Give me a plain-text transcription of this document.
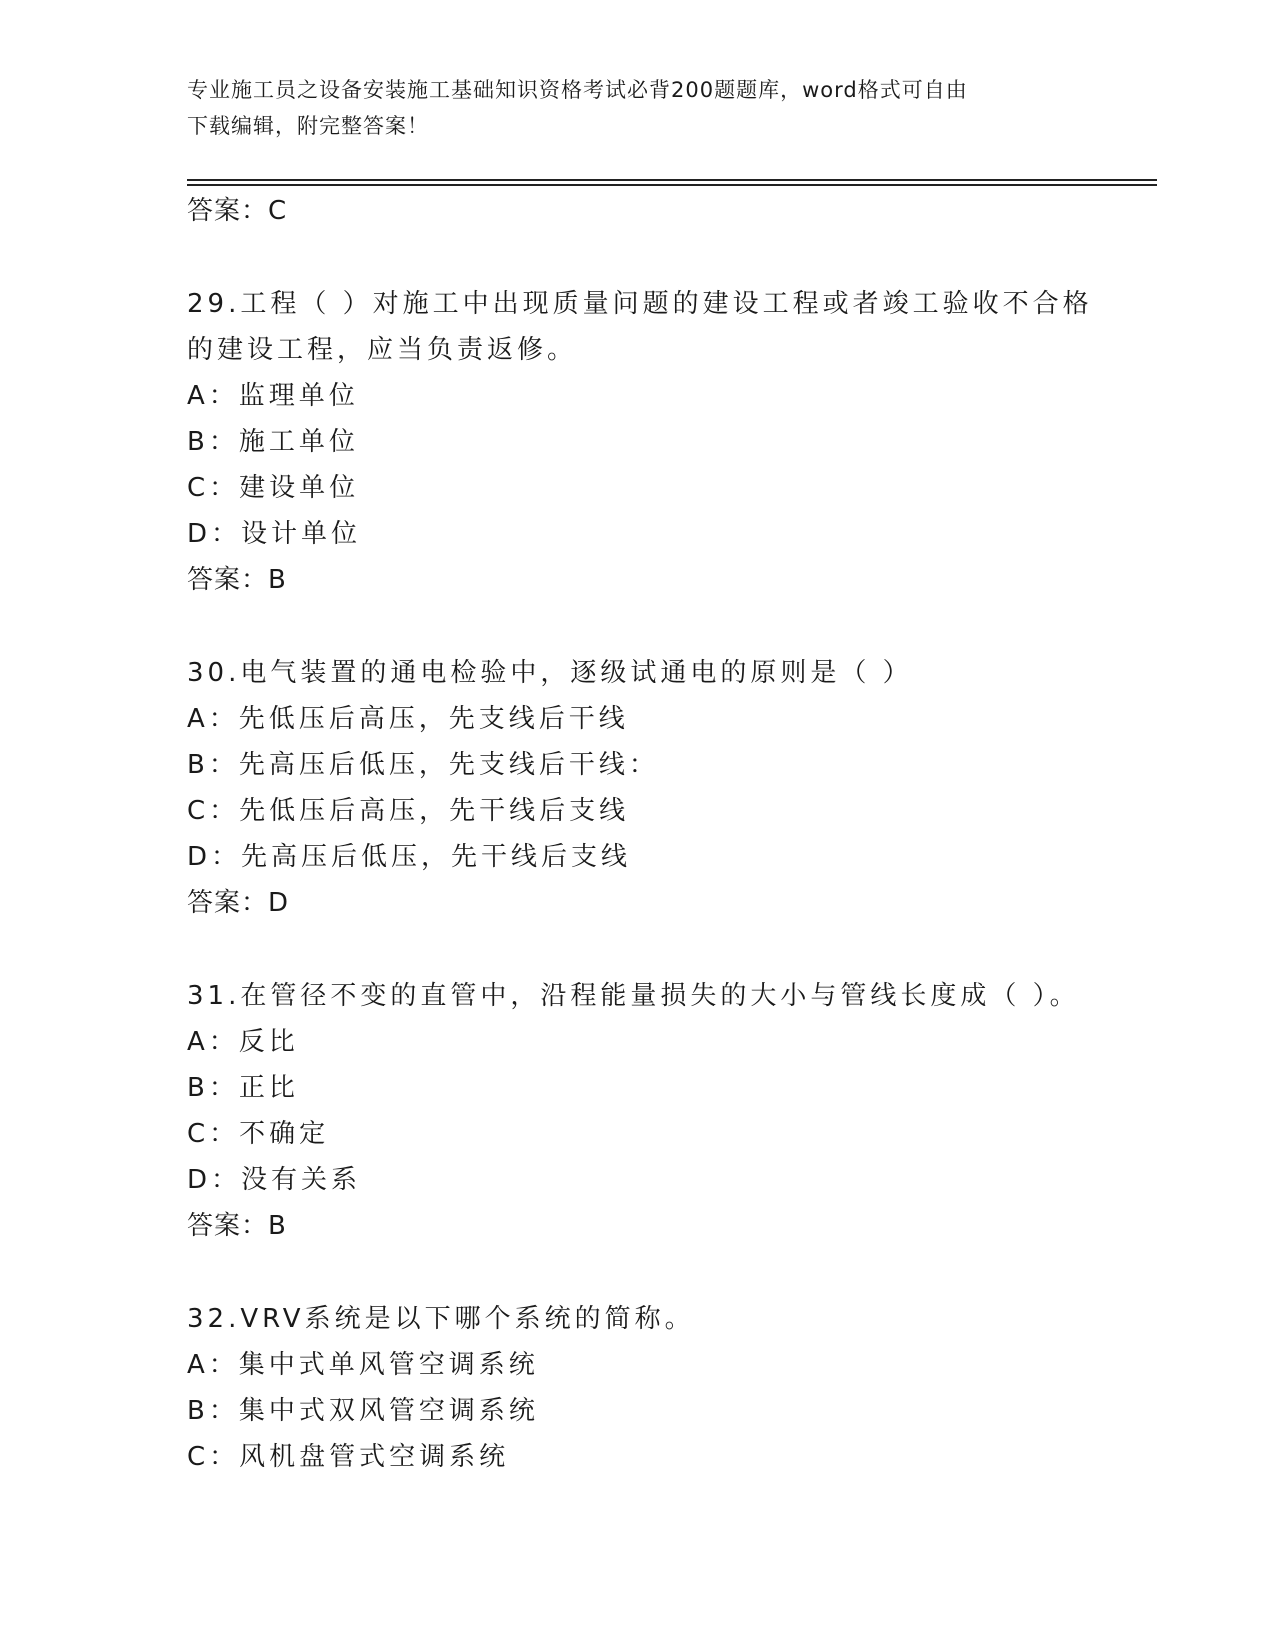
专业施工员之设备安装施工基础知识资格考试必背200题题库，word格式可自由
下载编辑，附完整答案！
答案：C
29.工程（ ）对施工中出现质量问题的建设工程或者竣工验收不合格
的建设工程，应当负责返修。
A：监理单位
B：施工单位
C：建设单位
D：设计单位
答案：B
30.电气装置的通电检验中，逐级试通电的原则是（ ）
A：先低压后高压，先支线后干线
B：先高压后低压，先支线后干线：
C：先低压后高压，先干线后支线
D：先高压后低压，先干线后支线
答案：D
31.在管径不变的直管中，沿程能量损失的大小与管线长度成（ ）。
A：反比
B：正比
C：不确定
D：没有关系
答案：B
32.VRV系统是以下哪个系统的简称。
A：集中式单风管空调系统
B：集中式双风管空调系统
C：风机盘管式空调系统
